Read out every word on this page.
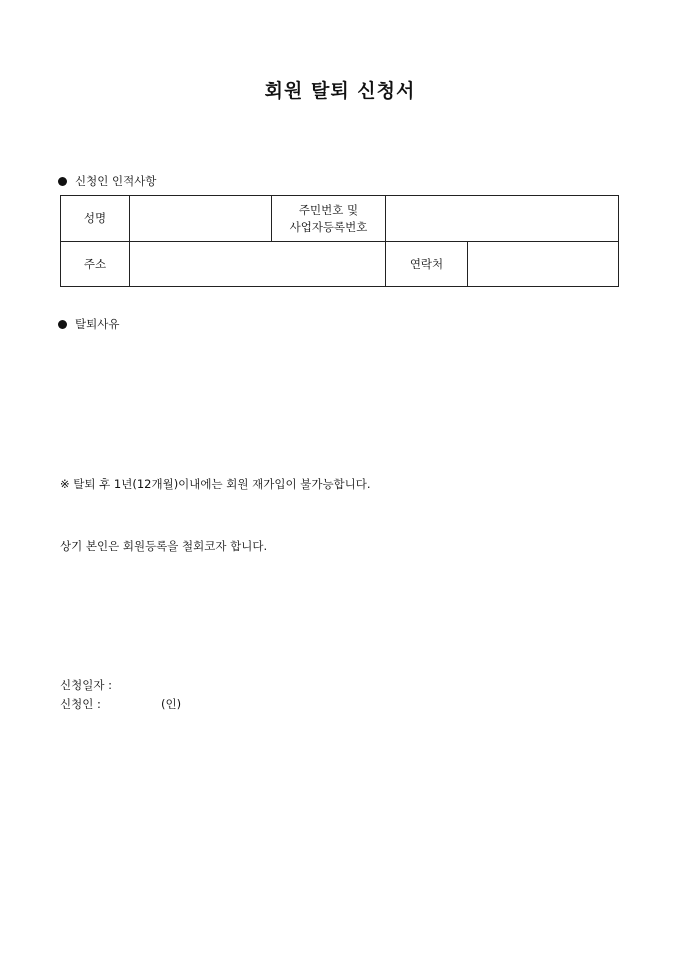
회원 탈퇴 신청서
신청인 인적사항
성명		주민번호 및
사업자등록번호		

주소			연락처	
탈퇴사유
※ 탈퇴 후 1년(12개월)이내에는 회원 재가입이 불가능합니다.
상기 본인은 회원등록을 철회코자 합니다.
신청일자 :
신청인 :	(인)
